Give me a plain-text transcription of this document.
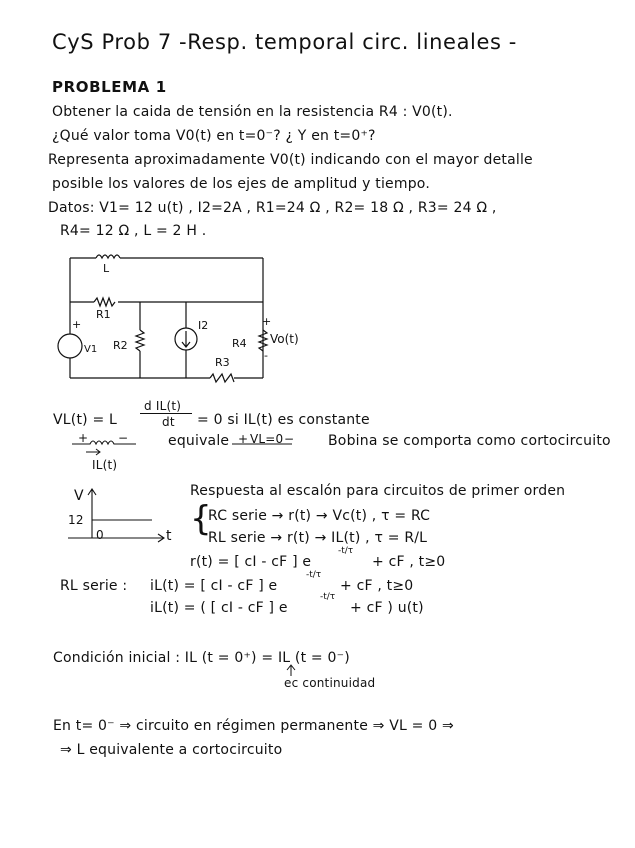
CyS Prob 7 -Resp. temporal circ. lineales -
PROBLEMA 1
Obtener la caida de tensión en la resistencia R4 : V0(t).
¿Qué valor toma V0(t) en t=0⁻? ¿ Y en t=0⁺?
Representa aproximadamente V0(t) indicando con el mayor detalle
posible los valores de los ejes de amplitud y tiempo.
Datos: V1= 12 u(t) , I2=2A , R1=24 Ω , R2= 18 Ω , R3= 24 Ω ,
R4= 12 Ω , L = 2 H .
L
R1
R2
I2
R4
R3
V1
Vo(t)
+	+
-
VL(t) = L
d IL(t)
dt = 0 si IL(t) es constante
+ −
IL(t)
equivale + VL=0 − Bobina se comporta como cortocircuito
V
12
0	t
Respuesta al escalón para circuitos de primer orden
{
RC serie → r(t) → Vc(t) , τ = RC
RL serie → r(t) → IL(t) , τ = R/L
r(t) = [ cI - cF ] e
-t/τ
+ cF , t≥0
RL serie : iL(t) = [ cI - cF ] e
-t/τ
+ cF , t≥0
iL(t) = ( [ cI - cF ] e
-t/τ
+ cF ) u(t)
Condición inicial : IL (t = 0⁺) = IL (t = 0⁻)
ec continuidad
En t= 0⁻ ⇒ circuito en régimen permanente ⇒ VL = 0 ⇒
⇒ L equivalente a cortocircuito
